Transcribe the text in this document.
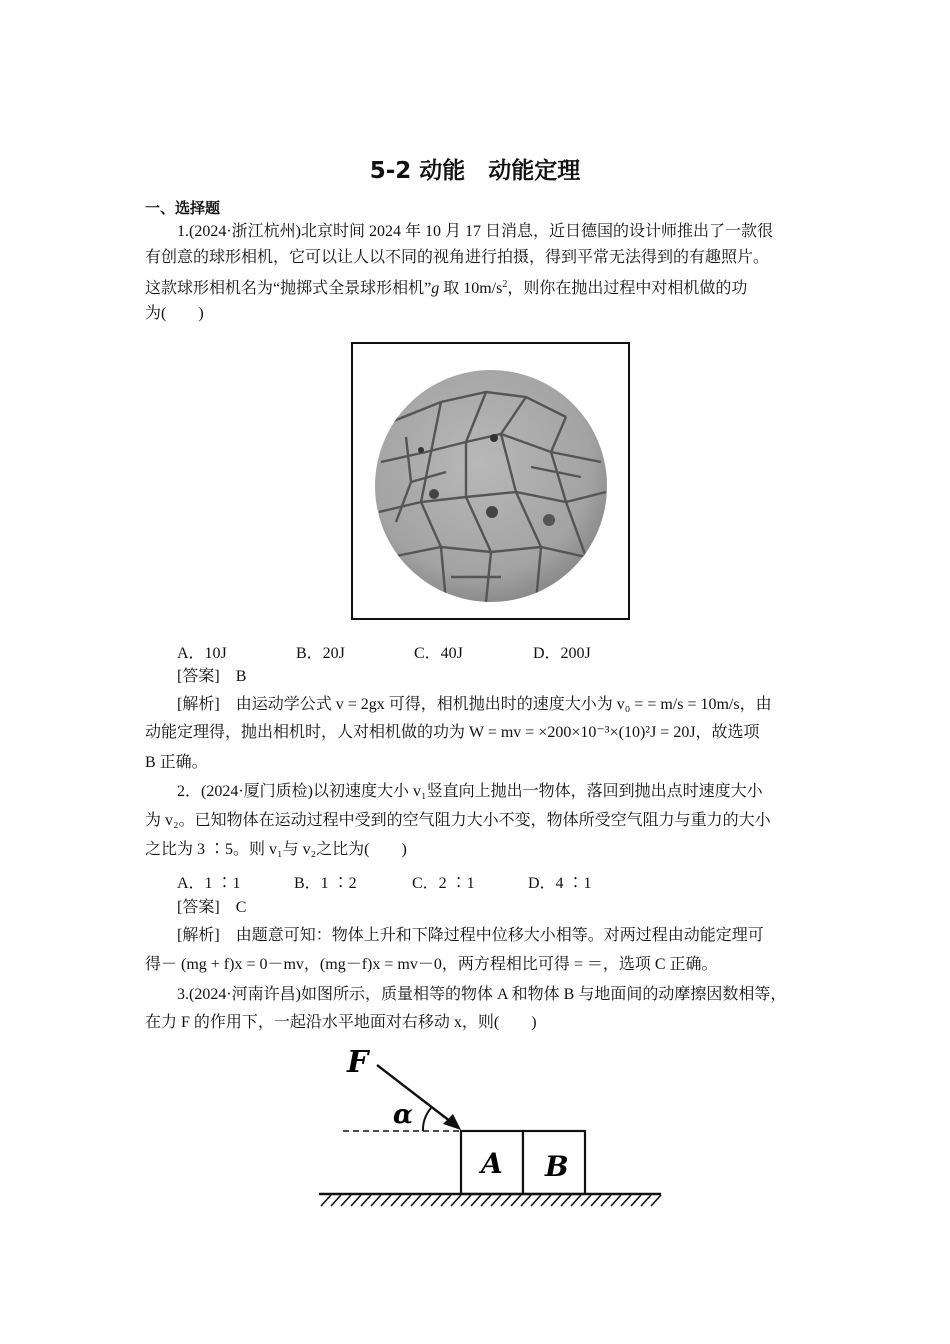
5-2 动能　动能定理
一、选择题
1.(2024·浙江杭州)北京时间 2024 年 10 月 17 日消息，近日德国的设计师推出了一款很
有创意的球形相机，它可以让人以不同的视角进行拍摄，得到平常无法得到的有趣照片。
这款球形相机名为“抛掷式全景球形相机”g 取 $10m/s^2$，则你在抛出过程中对相机做的功
为(　　)
A．10J	B．20J	C．40J	D．200J
[答案]　 B
[解析]　 由运动学公式 v = 2gx 可得，相机抛出时的速度大小为 v₀ = = m/s = 10m/s，由
动能定理得，抛出相机时，人对相机做的功为 W = mv = ×200×10⁻³×(10)²J = 20J，故选项
B 正确。
2．(2024·厦门质检)以初速度大小 v₁竖直向上抛出一物体，落回到抛出点时速度大小
为 v₂。已知物体在运动过程中受到的空气阻力大小不变，物体所受空气阻力与重力的大小
之比为 3 ∶5。则 v₁与 v₂之比为(　　)
A．1 ∶1	B．1 ∶2	C．2 ∶1	D．4 ∶1
[答案]　 C
[解析]　 由题意可知：物体上升和下降过程中位移大小相等。对两过程由动能定理可
得－ (mg + f)x = 0－mv，(mg－f)x = mv－0，两方程相比可得 = ＝，选项 C 正确。
3.(2024·河南许昌)如图所示，质量相等的物体 A 和物体 B 与地面间的动摩擦因数相等，
在力 F 的作用下，一起沿水平地面对右移动 x，则(　　)
F
α
A B
